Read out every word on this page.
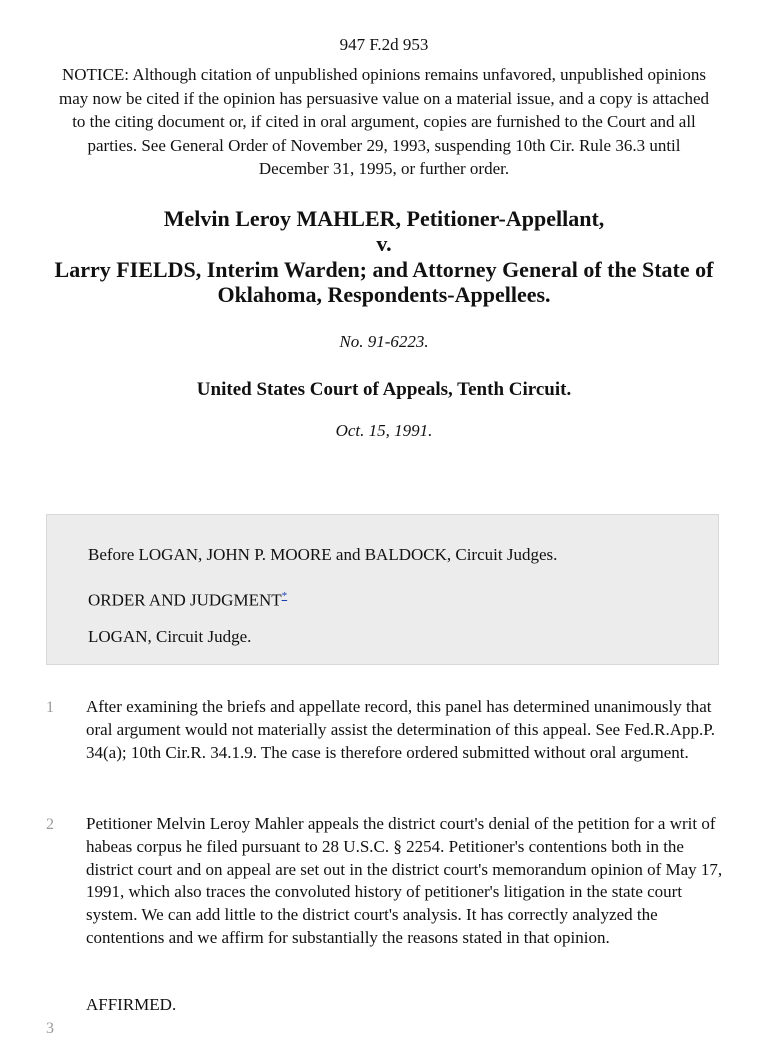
947 F.2d 953
NOTICE: Although citation of unpublished opinions remains unfavored, unpublished opinions may now be cited if the opinion has persuasive value on a material issue, and a copy is attached to the citing document or, if cited in oral argument, copies are furnished to the Court and all parties. See General Order of November 29, 1993, suspending 10th Cir. Rule 36.3 until December 31, 1995, or further order.
Melvin Leroy MAHLER, Petitioner-Appellant,
v.
Larry FIELDS, Interim Warden; and Attorney General of the State of Oklahoma, Respondents-Appellees.
No. 91-6223.
United States Court of Appeals, Tenth Circuit.
Oct. 15, 1991.
Before LOGAN, JOHN P. MOORE and BALDOCK, Circuit Judges.
ORDER AND JUDGMENT*
LOGAN, Circuit Judge.
1 After examining the briefs and appellate record, this panel has determined unanimously that oral argument would not materially assist the determination of this appeal. See Fed.R.App.P. 34(a); 10th Cir.R. 34.1.9. The case is therefore ordered submitted without oral argument.
2 Petitioner Melvin Leroy Mahler appeals the district court's denial of the petition for a writ of habeas corpus he filed pursuant to 28 U.S.C. § 2254. Petitioner's contentions both in the district court and on appeal are set out in the district court's memorandum opinion of May 17, 1991, which also traces the convoluted history of petitioner's litigation in the state court system. We can add little to the district court's analysis. It has correctly analyzed the contentions and we affirm for substantially the reasons stated in that opinion.
3
AFFIRMED.
